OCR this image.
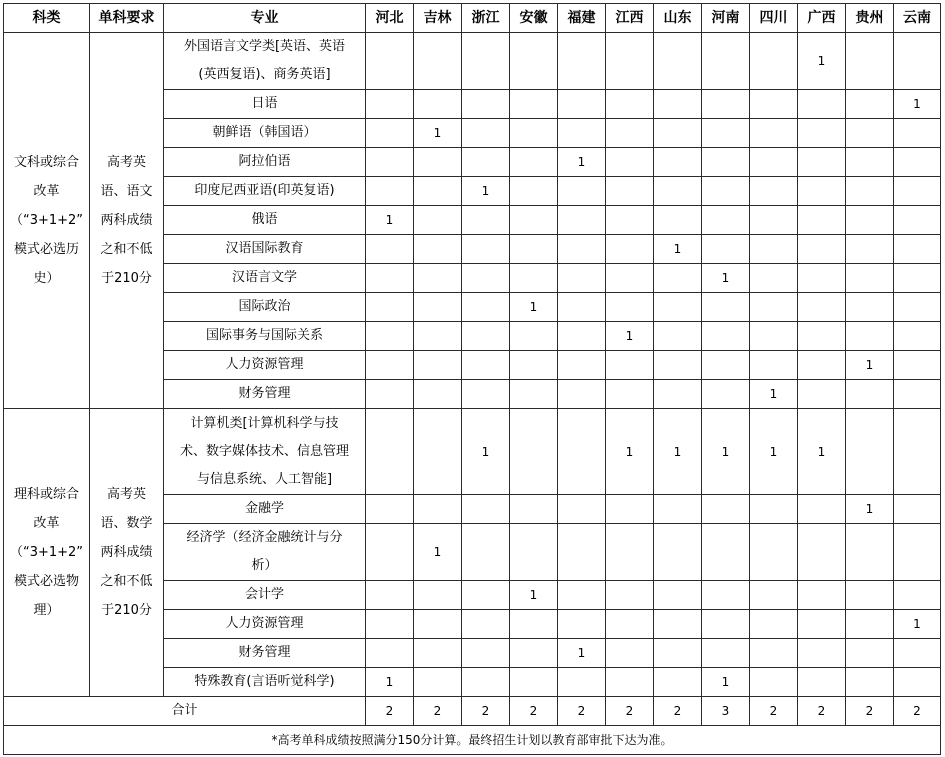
科类	单科要求	专业	河北	吉林	浙江	安徽	福建	江西	山东	河南	四川	广西	贵州	云南
文科或综合
改革
（“3+1+2”
模式必选历
史）	高考英
语、语文
两科成绩
之和不低
于210分	外国语言文学类[英语、英语
(英西复语)、商务英语]										1		
		日语												1
		朝鲜语（韩国语）		1										
		阿拉伯语					1							
		印度尼西亚语(印英复语)			1									
		俄语	1											
		汉语国际教育							1					
		汉语言文学								1				
		国际政治				1								
		国际事务与国际关系						1						
		人力资源管理											1	
		财务管理									1			
理科或综合
改革
（“3+1+2”
模式必选物
理）	高考英
语、数学
两科成绩
之和不低
于210分	计算机类[计算机科学与技
术、数字媒体技术、信息管理
与信息系统、人工智能]			1			1	1	1	1	1		
		金融学											1	
		经济学（经济金融统计与分
析）		1										
		会计学				1								
		人力资源管理												1
		财务管理					1							
		特殊教育(言语听觉科学)	1							1				
合计			2	2	2	2	2	2	2	3	2	2	2	2
*高考单科成绩按照满分150分计算。最终招生计划以教育部审批下达为准。														
